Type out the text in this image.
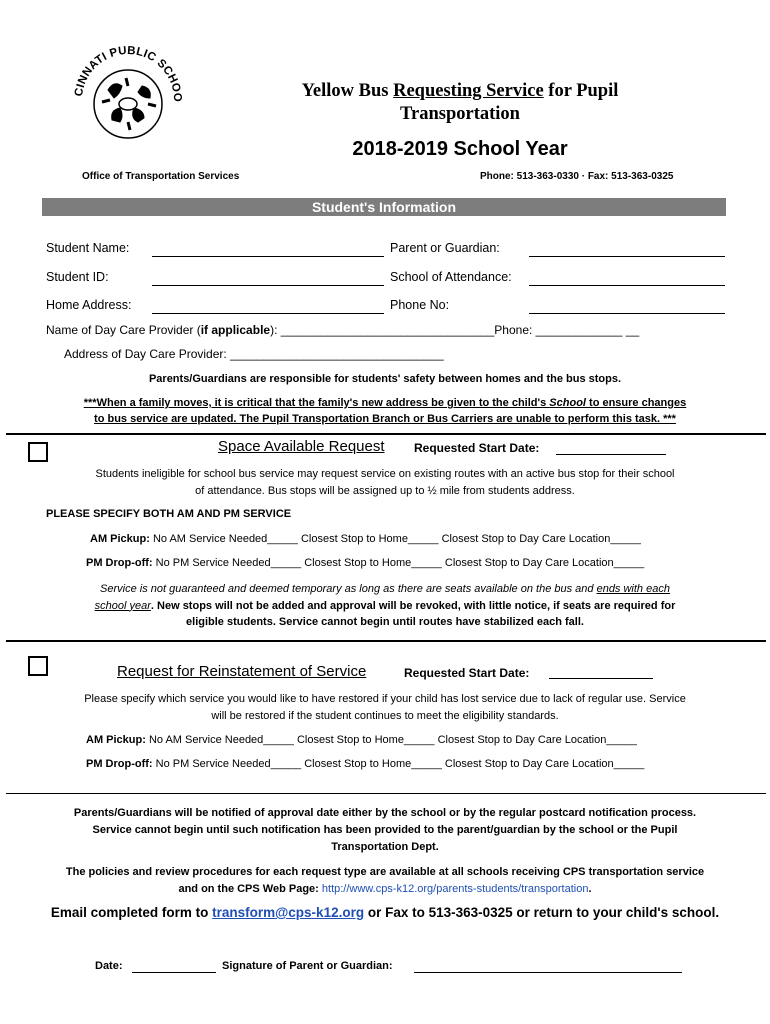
CINNATI PUBLIC SCHOO	Yellow Bus Requesting Service for Pupil
Transportation
2018-2019 School Year
Office of Transportation Services	Phone: 513-363-0330 · Fax: 513-363-0325
Student's Information
Student Name:	Parent or Guardian:
Student ID:	School of Attendance:
Home Address:	Phone No:
Name of Day Care Provider (if applicable): ________________________________Phone: _____________ __
Address of Day Care Provider: ________________________________
Parents/Guardians are responsible for students' safety between homes and the bus stops.
***When a family moves, it is critical that the family's new address be given to the child's School to ensure changes
to bus service are updated. The Pupil Transportation Branch or Bus Carriers are unable to perform this task. ***
Space Available Request Requested Start Date:
Students ineligible for school bus service may request service on existing routes with an active bus stop for their school
of attendance. Bus stops will be assigned up to ½ mile from students address.
PLEASE SPECIFY BOTH AM AND PM SERVICE
AM Pickup: No AM Service Needed_____ Closest Stop to Home_____ Closest Stop to Day Care Location_____
PM Drop-off: No PM Service Needed_____ Closest Stop to Home_____ Closest Stop to Day Care Location_____
Service is not guaranteed and deemed temporary as long as there are seats available on the bus and ends with each
school year. New stops will not be added and approval will be revoked, with little notice, if seats are required for
eligible students. Service cannot begin until routes have stabilized each fall.
Request for Reinstatement of Service	Requested Start Date:
Please specify which service you would like to have restored if your child has lost service due to lack of regular use. Service
will be restored if the student continues to meet the eligibility standards.
AM Pickup: No AM Service Needed_____ Closest Stop to Home_____ Closest Stop to Day Care Location_____
PM Drop-off: No PM Service Needed_____ Closest Stop to Home_____ Closest Stop to Day Care Location_____
Parents/Guardians will be notified of approval date either by the school or by the regular postcard notification process.
Service cannot begin until such notification has been provided to the parent/guardian by the school or the Pupil
Transportation Dept.
The policies and review procedures for each request type are available at all schools receiving CPS transportation service
and on the CPS Web Page: http://www.cps-k12.org/parents-students/transportation.
Email completed form to transform@cps-k12.org or Fax to 513-363-0325 or return to your child's school.
Date:	Signature of Parent or Guardian:
